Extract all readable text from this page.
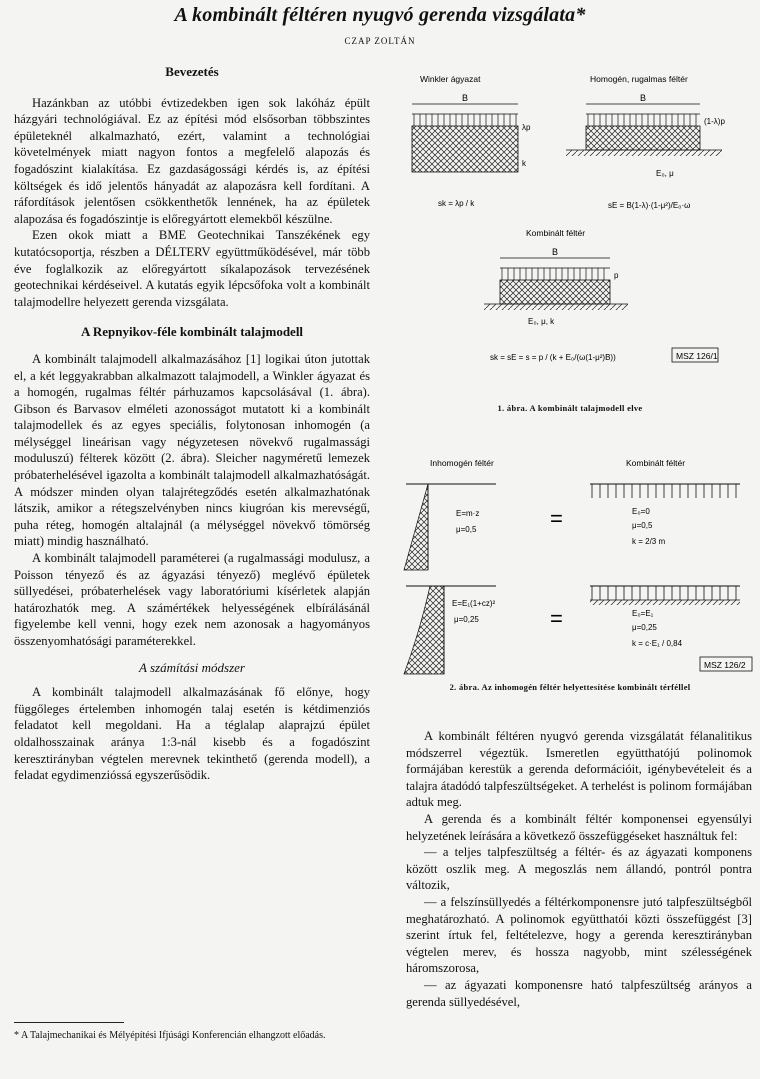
A kombinált féltéren nyugvó gerenda vizsgálata*
CZAP ZOLTÁN

Bevezetés

Hazánkban az utóbbi évtizedekben igen sok lakóház épült házgyári technológiával. Ez az építési mód elsősorban többszintes épületeknél alkalmazható, ezért, valamint a technológiai követelmények miatt nagyon fontos a megfelelő alapozás és fogadószint kialakítása. Ez gazdaságossági kérdés is, az építési költségek és idő jelentős hányadát az alapozásra kell fordítani. A ráfordítások jelentősen csökkenthetők lennének, ha az épületek alapozása és fogadószintje is előregyártott elemekből készülne.

Ezen okok miatt a BME Geotechnikai Tanszékének egy kutatócsoportja, részben a DÉLTERV együttműködésével, már több éve foglalkozik az előregyártott síkalapozások tervezésének geotechnikai kérdéseivel. A kutatás egyik lépcsőfoka volt a kombinált talajmodellre helyezett gerenda vizsgálata.

A Repnyikov-féle kombinált talajmodell

A kombinált talajmodell alkalmazásához [1] logikai úton jutottak el, a két leggyakrabban alkalmazott talajmodell, a Winkler ágyazat és a homogén, rugalmas féltér párhuzamos kapcsolásával (1. ábra). Gibson és Barvasov elméleti azonosságot mutatott ki a kombinált talajmodellek és az egyes speciális, folytonosan inhomogén (a mélységgel lineárisan vagy négyzetesen növekvő rugalmassági moduluszú) félterek között (2. ábra). Sleicher nagyméretű lemezek próbaterhelésével igazolta a kombinált talajmodell alkalmazhatóságát. A módszer minden olyan talajrétegződés esetén alkalmazhatónak látszik, amikor a rétegszelvényben nincs kiugróan kis merevségű, puha réteg, homogén altalajnál (a mélységgel növekvő tömörség miatt) mindig használható.

A kombinált talajmodell paraméterei (a rugalmassági modulusz, a Poisson tényező és az ágyazási tényező) meglévő épületek süllyedései, próbaterhelések vagy laboratóriumi kísérletek alapján határozhatók meg. A számértékek helyességének elbírálásánál figyelembe kell venni, hogy ezek nem azonosak a hagyományos összenyomhatósági paraméterekkel.

A számítási módszer

A kombinált talajmodell alkalmazásának fő előnye, hogy függőleges értelemben inhomogén talaj esetén is kétdimenziós feladatot kell megoldani. Ha a téglalap alaprajzú épület oldalhosszainak aránya 1:3-nál kisebb és a fogadószint keresztirányban végtelen merevnek tekinthető (gerenda modell), a feladat egydimenzióssá egyszerűsödik.

* A Talajmechanikai és Mélyépítési Ifjúsági Konferencián elhangzott előadás.
Winkler ágyazat
B
λp
k
sk = λp / k
Homogén, rugalmas féltér
B
(1-λ)p
E₀, μ
sE = B(1-λ)·(1-μ²)/E₀·ω
Kombinált féltér
B
p
E₀, μ, k
sk = sE = s = p / (k + E₀/(ω(1-μ²)B))	MSZ 126/1
1. ábra. A kombinált talajmodell elve
Inhomogén féltér	Kombinált féltér
E=m·z
μ=0,5	=	E₀=0
μ=0,5
k = 2/3 m
E=E₁(1+cz)²
μ=0,25	=	E₀=E₁
μ=0,25
k = c·E₁ / 0,84
MSZ 126/2
2. ábra. Az inhomogén féltér helyettesítése kombinált térféllel

A kombinált féltéren nyugvó gerenda vizsgálatát félanalitikus módszerrel végeztük. Ismeretlen együtthatójú polinomok formájában kerestük a gerenda deformációit, igénybevételeit és a talajra átadódó talpfeszültségeket. A terhelést is polinom formájában adtuk meg.

A gerenda és a kombinált féltér komponensei egyensúlyi helyzetének leírására a következő összefüggéseket használtuk fel:

— a teljes talpfeszültség a féltér- és az ágyazati komponens között oszlik meg. A megoszlás nem állandó, pontról pontra változik,

— a felszínsüllyedés a féltérkomponensre jutó talpfeszültségből meghatározható. A polinomok együtthatói közti összefüggést [3] szerint írtuk fel, feltételezve, hogy a gerenda keresztirányban végtelen merev, és hossza nagyobb, mint szélességének háromszorosa,

— az ágyazati komponensre ható talpfeszültség arányos a gerenda süllyedésével,
